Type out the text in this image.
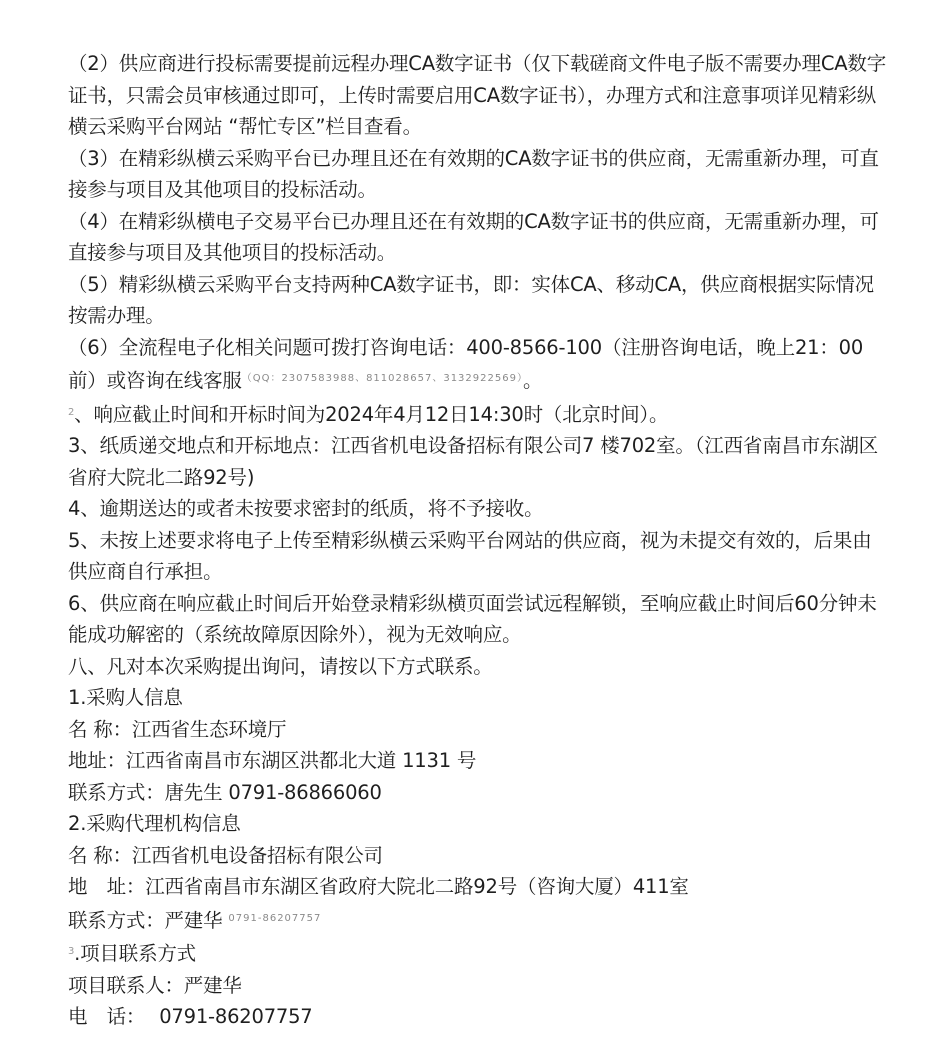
（2）供应商进行投标需要提前远程办理CA数字证书（仅下载磋商文件电子版不需要办理CA数字证书，只需会员审核通过即可，上传时需要启用CA数字证书），办理方式和注意事项详见精彩纵横云采购平台网站 “帮忙专区”栏目查看。

（3）在精彩纵横云采购平台已办理且还在有效期的CA数字证书的供应商，无需重新办理，可直接参与项目及其他项目的投标活动。

（4）在精彩纵横电子交易平台已办理且还在有效期的CA数字证书的供应商，无需重新办理，可直接参与项目及其他项目的投标活动。

（5）精彩纵横云采购平台支持两种CA数字证书，即：实体CA、移动CA，供应商根据实际情况按需办理。

（6）全流程电子化相关问题可拨打咨询电话：400-8566-100（注册咨询电话，晚上21：00前）或咨询在线客服$^{(QQ:2307583988、811028657、3132922569)}$。

$^2$、响应截止时间和开标时间为2024年4月12日14:30时（北京时间）。

3、纸质递交地点和开标地点：江西省机电设备招标有限公司7 楼702室。（江西省南昌市东湖区省府大院北二路92号)

4、逾期送达的或者未按要求密封的纸质，将不予接收。

5、未按上述要求将电子上传至精彩纵横云采购平台网站的供应商，视为未提交有效的，后果由供应商自行承担。

6、供应商在响应截止时间后开始登录精彩纵横页面尝试远程解锁，至响应截止时间后60分钟未能成功解密的（系统故障原因除外），视为无效响应。

八、凡对本次采购提出询问，请按以下方式联系。

1.采购人信息
名 称：江西省生态环境厅
地址：江西省南昌市东湖区洪都北大道 1131 号
联系方式：唐先生 0791-86866060
2.采购代理机构信息
名 称：江西省机电设备招标有限公司
地　址：江西省南昌市东湖区省政府大院北二路92号（咨询大厦）411室
联系方式：严建华 $^{0791-86207757}$
$^3$.项目联系方式
项目联系人：严建华
电　话： 0791-86207757
